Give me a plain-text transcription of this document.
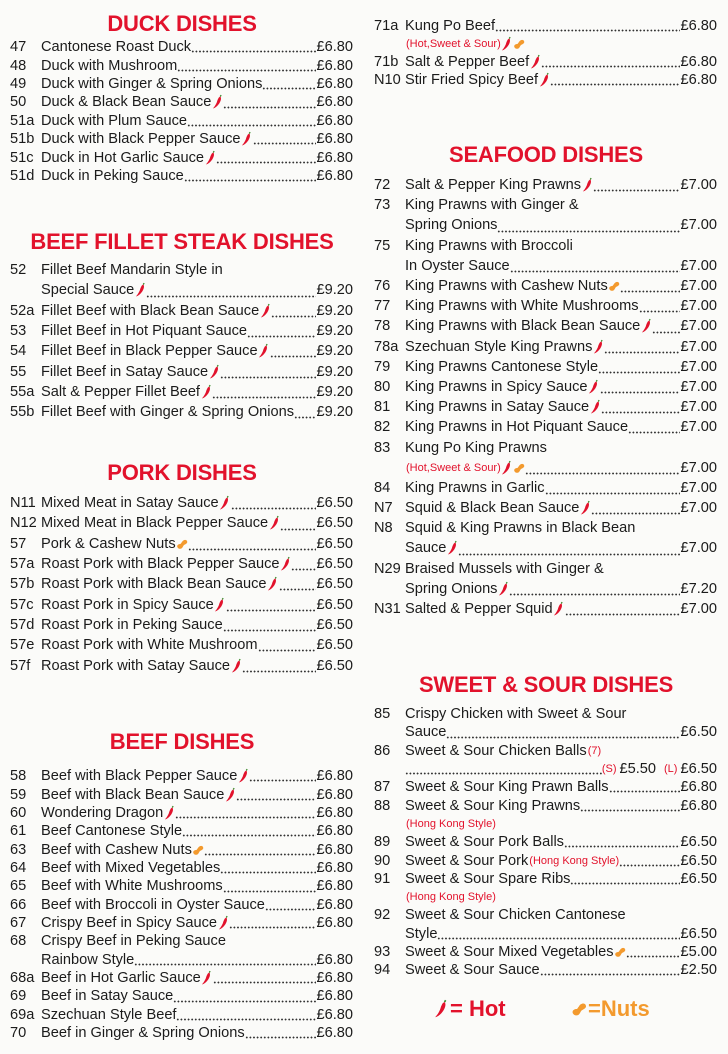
DUCK DISHES
47	Cantonese Roast Duck	£6.80
48	Duck with Mushroom	£6.80
49	Duck with Ginger & Spring Onions	£6.80
50	Duck & Black Bean Sauce	£6.80
51a Duck with Plum Sauce	£6.80
51b Duck with Black Pepper Sauce	£6.80
51c Duck in Hot Garlic Sauce	£6.80
51d Duck in Peking Sauce	£6.80
BEEF FILLET STEAK DISHES
52	Fillet Beef Mandarin Style in
Special Sauce	£9.20
52a Fillet Beef with Black Bean Sauce	£9.20
53	Fillet Beef in Hot Piquant Sauce	£9.20
54	Fillet Beef in Black Pepper Sauce	£9.20
55	Fillet Beef in Satay Sauce	£9.20
55a Salt & Pepper Fillet Beef	£9.20
55b Fillet Beef with Ginger & Spring Onions £9.20
PORK DISHES
N11 Mixed Meat in Satay Sauce	£6.50
N12 Mixed Meat in Black Pepper Sauce	£6.50
57	Pork & Cashew Nuts	£6.50
57a Roast Pork with Black Pepper Sauce	£6.50
57b Roast Pork with Black Bean Sauce	£6.50
57c Roast Pork in Spicy Sauce	£6.50
57d Roast Pork in Peking Sauce	£6.50
57e Roast Pork with White Mushroom	£6.50
57f Roast Pork with Satay Sauce	£6.50
BEEF DISHES
58	Beef with Black Pepper Sauce	£6.80
59	Beef with Black Bean Sauce	£6.80
60	Wondering Dragon	£6.80
61	Beef Cantonese Style	£6.80
63	Beef with Cashew Nuts	£6.80
64	Beef with Mixed Vegetables	£6.80
65	Beef with White Mushrooms	£6.80
66	Beef with Broccoli in Oyster Sauce	£6.80
67	Crispy Beef in Spicy Sauce	£6.80
68	Crispy Beef in Peking Sauce
Rainbow Style	£6.80
68a Beef in Hot Garlic Sauce	£6.80
69	Beef in Satay Sauce	£6.80
69a Szechuan Style Beef	£6.80
70	Beef in Ginger & Spring Onions	£6.80
71a Kung Po Beef	£6.80
(Hot,Sweet & Sour)
71b Salt & Pepper Beef	£6.80
N10 Stir Fried Spicy Beef	£6.80
SEAFOOD DISHES
72	Salt & Pepper King Prawns	£7.00
73	King Prawns with Ginger &
Spring Onions	£7.00
75	King Prawns with Broccoli
In Oyster Sauce	£7.00
76	King Prawns with Cashew Nuts	£7.00
77	King Prawns with White Mushrooms	£7.00
78	King Prawns with Black Bean Sauce	£7.00
78a Szechuan Style King Prawns	£7.00
79	King Prawns Cantonese Style	£7.00
80	King Prawns in Spicy Sauce	£7.00
81	King Prawns in Satay Sauce	£7.00
82	King Prawns in Hot Piquant Sauce	£7.00
83	Kung Po King Prawns
(Hot,Sweet & Sour)	£7.00
84	King Prawns in Garlic	£7.00
N7 Squid & Black Bean Sauce	£7.00
N8 Squid & King Prawns in Black Bean
Sauce	£7.00
N29 Braised Mussels with Ginger &
Spring Onions	£7.20
N31 Salted & Pepper Squid	£7.00
SWEET & SOUR DISHES
85	Crispy Chicken with Sweet & Sour
Sauce	£6.50
86	Sweet & Sour Chicken Balls (7)
(S) £5.50 (L) £6.50
87	Sweet & Sour King Prawn Balls	£6.80
88	Sweet & Sour King Prawns	£6.80
(Hong Kong Style)
89	Sweet & Sour Pork Balls	£6.50
90	Sweet & Sour Pork (Hong Kong Style)	£6.50
91	Sweet & Sour Spare Ribs	£6.50
(Hong Kong Style)
92	Sweet & Sour Chicken Cantonese
Style	£6.50
93	Sweet & Sour Mixed Vegetables	£5.00
94	Sweet & Sour Sauce	£2.50
= Hot	=Nuts
